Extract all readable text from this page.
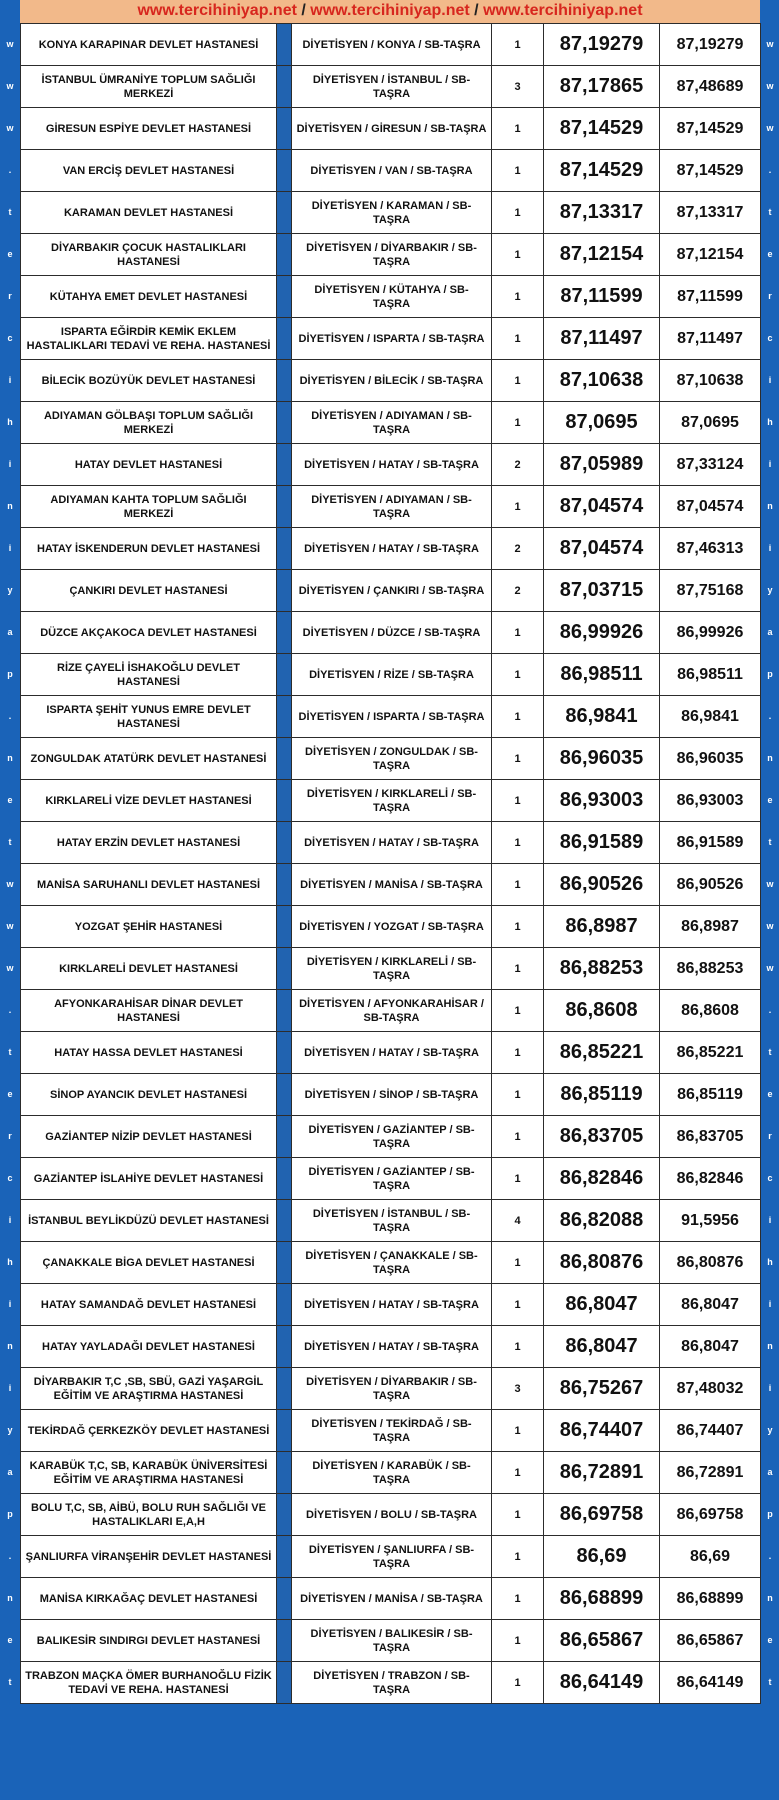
www.tercihiniyap.net / www.tercihiniyap.net / www.tercihiniyap.net
w
w
w
.
t
e
r
c
i
h
i
n
i
y
a
p
.
n
e
t
w
w
w
.
t
e
r
c
i
h
i
n
i
y
a
p
.
n
e
t
w
w
w
.
t
e
r
c
i
h
i
n
i
y
a
p
.
n
e
t
w
w
w
.
t
e
r
c
i
h
i
n
i
y
a
p
.
n
e
t
KONYA KARAPINAR DEVLET HASTANESİ		DİYETİSYEN / KONYA / SB-TAŞRA	1	87,19279	87,19279
İSTANBUL ÜMRANİYE TOPLUM SAĞLIĞI MERKEZİ		DİYETİSYEN / İSTANBUL / SB-TAŞRA	3	87,17865	87,48689
GİRESUN ESPİYE DEVLET HASTANESİ		DİYETİSYEN / GİRESUN / SB-TAŞRA	1	87,14529	87,14529
VAN ERCİŞ DEVLET HASTANESİ		DİYETİSYEN / VAN / SB-TAŞRA	1	87,14529	87,14529
KARAMAN DEVLET HASTANESİ		DİYETİSYEN / KARAMAN / SB-TAŞRA	1	87,13317	87,13317
DİYARBAKIR ÇOCUK HASTALIKLARI HASTANESİ		DİYETİSYEN / DİYARBAKIR / SB-TAŞRA	1	87,12154	87,12154
KÜTAHYA EMET DEVLET HASTANESİ		DİYETİSYEN / KÜTAHYA / SB-TAŞRA	1	87,11599	87,11599
ISPARTA EĞİRDİR KEMİK EKLEM HASTALIKLARI TEDAVİ VE REHA. HASTANESİ		DİYETİSYEN / ISPARTA / SB-TAŞRA	1	87,11497	87,11497
BİLECİK BOZÜYÜK DEVLET HASTANESİ		DİYETİSYEN / BİLECİK / SB-TAŞRA	1	87,10638	87,10638
ADIYAMAN GÖLBAŞI TOPLUM SAĞLIĞI MERKEZİ		DİYETİSYEN / ADIYAMAN / SB-TAŞRA	1	87,0695	87,0695
HATAY DEVLET HASTANESİ		DİYETİSYEN / HATAY / SB-TAŞRA	2	87,05989	87,33124
ADIYAMAN KAHTA TOPLUM SAĞLIĞI MERKEZİ		DİYETİSYEN / ADIYAMAN / SB-TAŞRA	1	87,04574	87,04574
HATAY İSKENDERUN DEVLET HASTANESİ		DİYETİSYEN / HATAY / SB-TAŞRA	2	87,04574	87,46313
ÇANKIRI DEVLET HASTANESİ		DİYETİSYEN / ÇANKIRI / SB-TAŞRA	2	87,03715	87,75168
DÜZCE AKÇAKOCA DEVLET HASTANESİ		DİYETİSYEN / DÜZCE / SB-TAŞRA	1	86,99926	86,99926
RİZE ÇAYELİ İSHAKOĞLU DEVLET HASTANESİ		DİYETİSYEN / RİZE / SB-TAŞRA	1	86,98511	86,98511
ISPARTA ŞEHİT YUNUS EMRE DEVLET HASTANESİ		DİYETİSYEN / ISPARTA / SB-TAŞRA	1	86,9841	86,9841
ZONGULDAK ATATÜRK DEVLET HASTANESİ		DİYETİSYEN / ZONGULDAK / SB-TAŞRA	1	86,96035	86,96035
KIRKLARELİ VİZE DEVLET HASTANESİ		DİYETİSYEN / KIRKLARELİ / SB-TAŞRA	1	86,93003	86,93003
HATAY ERZİN DEVLET HASTANESİ		DİYETİSYEN / HATAY / SB-TAŞRA	1	86,91589	86,91589
MANİSA SARUHANLI DEVLET HASTANESİ		DİYETİSYEN / MANİSA / SB-TAŞRA	1	86,90526	86,90526
YOZGAT ŞEHİR HASTANESİ		DİYETİSYEN / YOZGAT / SB-TAŞRA	1	86,8987	86,8987
KIRKLARELİ DEVLET HASTANESİ		DİYETİSYEN / KIRKLARELİ / SB-TAŞRA	1	86,88253	86,88253
AFYONKARAHİSAR DİNAR DEVLET HASTANESİ		DİYETİSYEN / AFYONKARAHİSAR / SB-TAŞRA	1	86,8608	86,8608
HATAY HASSA DEVLET HASTANESİ		DİYETİSYEN / HATAY / SB-TAŞRA	1	86,85221	86,85221
SİNOP AYANCIK DEVLET HASTANESİ		DİYETİSYEN / SİNOP / SB-TAŞRA	1	86,85119	86,85119
GAZİANTEP NİZİP DEVLET HASTANESİ		DİYETİSYEN / GAZİANTEP / SB-TAŞRA	1	86,83705	86,83705
GAZİANTEP İSLAHİYE DEVLET HASTANESİ		DİYETİSYEN / GAZİANTEP / SB-TAŞRA	1	86,82846	86,82846
İSTANBUL BEYLİKDÜZÜ DEVLET HASTANESİ		DİYETİSYEN / İSTANBUL / SB-TAŞRA	4	86,82088	91,5956
ÇANAKKALE BİGA DEVLET HASTANESİ		DİYETİSYEN / ÇANAKKALE / SB-TAŞRA	1	86,80876	86,80876
HATAY SAMANDAĞ DEVLET HASTANESİ		DİYETİSYEN / HATAY / SB-TAŞRA	1	86,8047	86,8047
HATAY YAYLADAĞI DEVLET HASTANESİ		DİYETİSYEN / HATAY / SB-TAŞRA	1	86,8047	86,8047
DİYARBAKIR T,C ,SB, SBÜ, GAZİ YAŞARGİL EĞİTİM VE ARAŞTIRMA HASTANESİ		DİYETİSYEN / DİYARBAKIR / SB-TAŞRA	3	86,75267	87,48032
TEKİRDAĞ ÇERKEZKÖY DEVLET HASTANESİ		DİYETİSYEN / TEKİRDAĞ / SB-TAŞRA	1	86,74407	86,74407
KARABÜK T,C, SB, KARABÜK ÜNİVERSİTESİ EĞİTİM VE ARAŞTIRMA HASTANESİ		DİYETİSYEN / KARABÜK / SB-TAŞRA	1	86,72891	86,72891
BOLU T,C, SB, AİBÜ, BOLU RUH SAĞLIĞI VE HASTALIKLARI E,A,H		DİYETİSYEN / BOLU / SB-TAŞRA	1	86,69758	86,69758
ŞANLIURFA VİRANŞEHİR DEVLET HASTANESİ		DİYETİSYEN / ŞANLIURFA / SB-TAŞRA	1	86,69	86,69
MANİSA KIRKAĞAÇ DEVLET HASTANESİ		DİYETİSYEN / MANİSA / SB-TAŞRA	1	86,68899	86,68899
BALIKESİR SINDIRGI DEVLET HASTANESİ		DİYETİSYEN / BALIKESİR / SB-TAŞRA	1	86,65867	86,65867
TRABZON MAÇKA ÖMER BURHANOĞLU FİZİK TEDAVİ VE REHA. HASTANESİ		DİYETİSYEN / TRABZON / SB-TAŞRA	1	86,64149	86,64149
